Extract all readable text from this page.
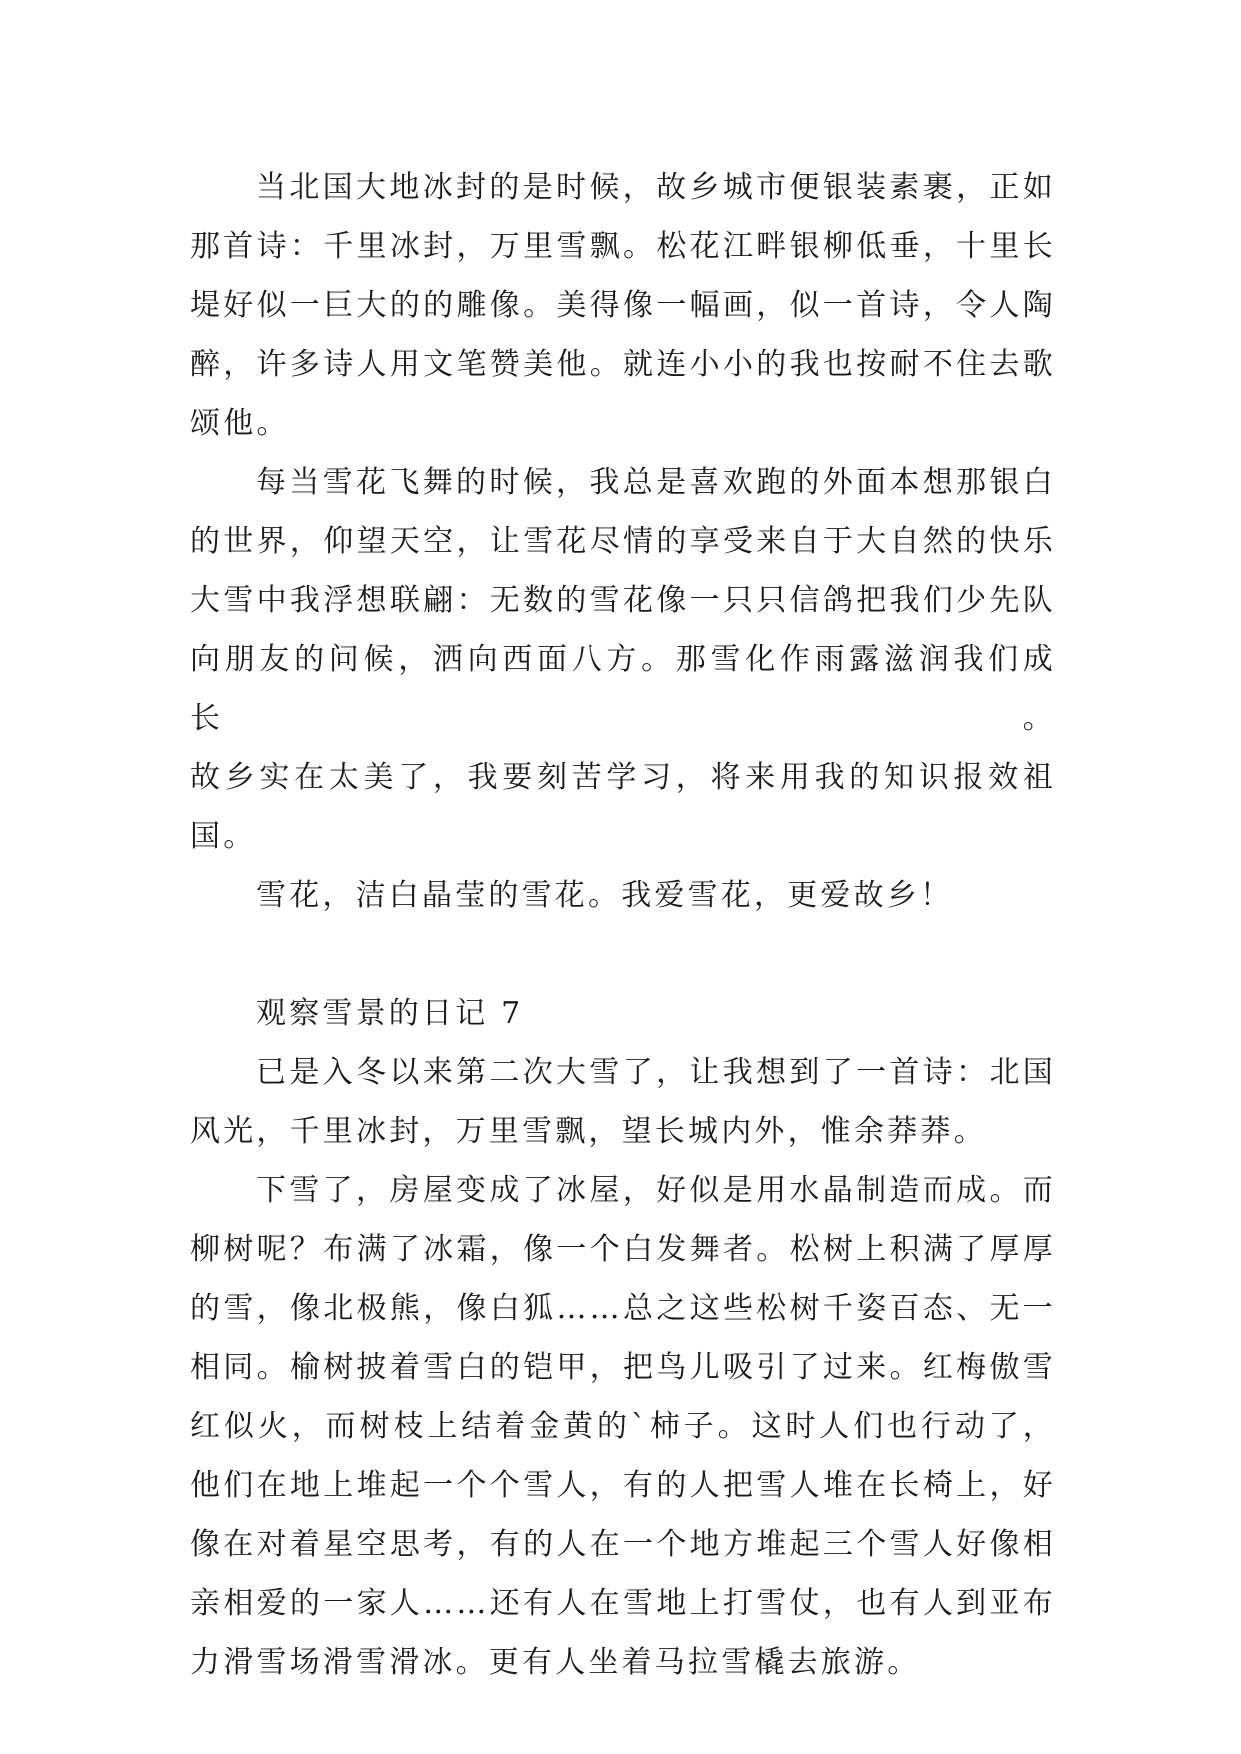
当北国大地冰封的是时候，故乡城市便银装素裹，正如
那首诗：千里冰封，万里雪飘。松花江畔银柳低垂，十里长
堤好似一巨大的的雕像。美得像一幅画，似一首诗，令人陶
醉，许多诗人用文笔赞美他。就连小小的我也按耐不住去歌
颂他。
每当雪花飞舞的时候，我总是喜欢跑的外面本想那银白
的世界，仰望天空，让雪花尽情的享受来自于大自然的快乐
大雪中我浮想联翩：无数的雪花像一只只信鸽把我们少先队
向朋友的问候，洒向西面八方。那雪化作雨露滋润我们成长。
故乡实在太美了，我要刻苦学习，将来用我的知识报效祖国。
雪花，洁白晶莹的雪花。我爱雪花，更爱故乡！

观察雪景的日记 7

已是入冬以来第二次大雪了，让我想到了一首诗：北国
风光，千里冰封，万里雪飘，望长城内外，惟余莽莽。
下雪了，房屋变成了冰屋，好似是用水晶制造而成。而
柳树呢？布满了冰霜，像一个白发舞者。松树上积满了厚厚
的雪，像北极熊，像白狐……总之这些松树千姿百态、无一
相同。榆树披着雪白的铠甲，把鸟儿吸引了过来。红梅傲雪
红似火，而树枝上结着金黄的`柿子。这时人们也行动了，
他们在地上堆起一个个雪人，有的人把雪人堆在长椅上，好
像在对着星空思考，有的人在一个地方堆起三个雪人好像相
亲相爱的一家人……还有人在雪地上打雪仗，也有人到亚布
力滑雪场滑雪滑冰。更有人坐着马拉雪橇去旅游。
